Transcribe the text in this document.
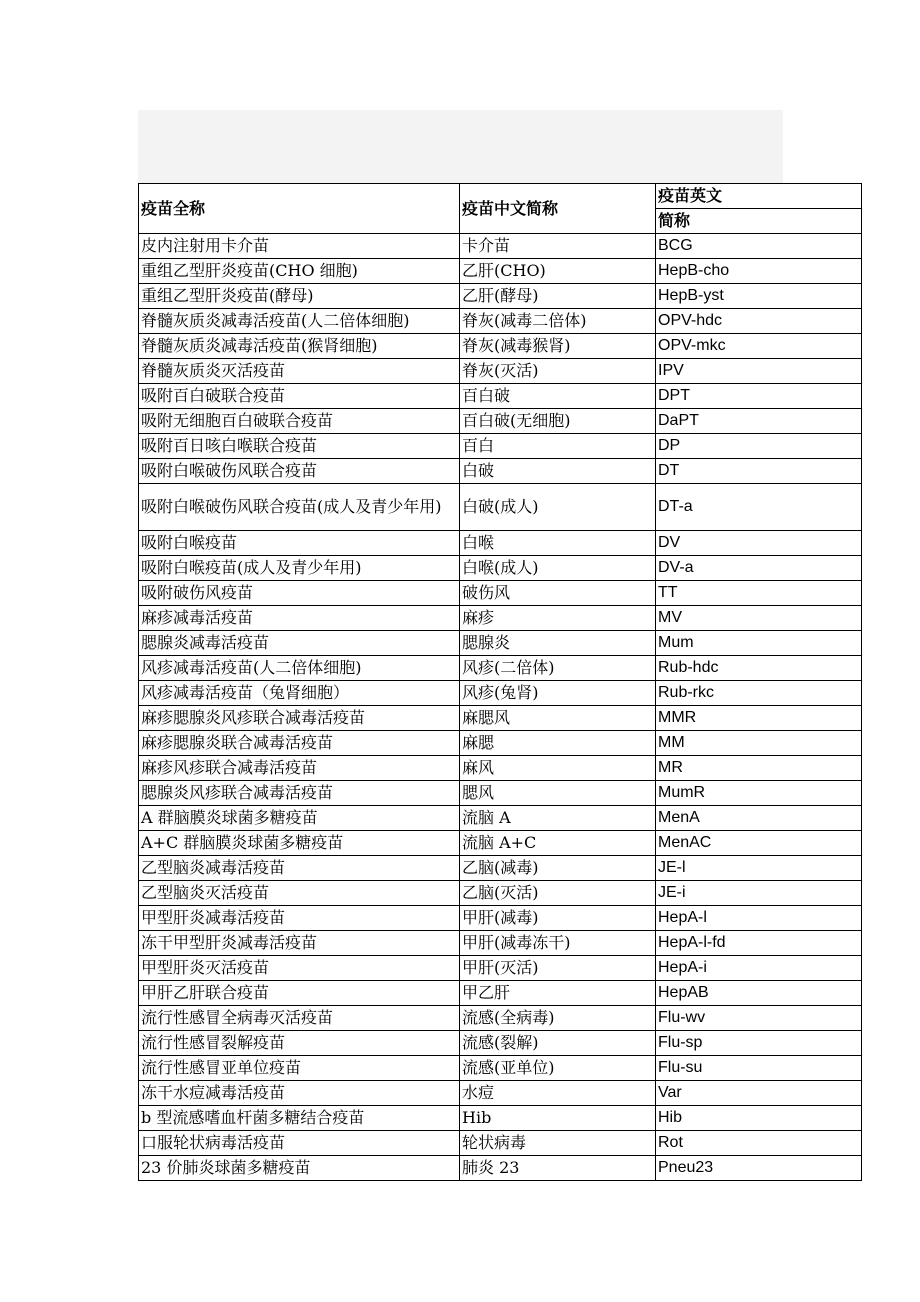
疫苗全称	疫苗中文简称	疫苗英文
简称

皮内注射用卡介苗	卡介苗	BCG
重组乙型肝炎疫苗(CHO 细胞)	乙肝(CHO)	HepB-cho
重组乙型肝炎疫苗(酵母)	乙肝(酵母)	HepB-yst
脊髓灰质炎减毒活疫苗(人二倍体细胞)	脊灰(减毒二倍体)	OPV-hdc
脊髓灰质炎减毒活疫苗(猴肾细胞)	脊灰(减毒猴肾)	OPV-mkc
脊髓灰质炎灭活疫苗	脊灰(灭活)	IPV
吸附百白破联合疫苗	百白破	DPT
吸附无细胞百白破联合疫苗	百白破(无细胞)	DaPT
吸附百日咳白喉联合疫苗	百白	DP
吸附白喉破伤风联合疫苗	白破	DT
吸附白喉破伤风联合疫苗(成人及青少年用)	白破(成人)	DT-a
吸附白喉疫苗	白喉	DV
吸附白喉疫苗(成人及青少年用)	白喉(成人)	DV-a
吸附破伤风疫苗	破伤风	TT
麻疹减毒活疫苗	麻疹	MV
腮腺炎减毒活疫苗	腮腺炎	Mum
风疹减毒活疫苗(人二倍体细胞)	风疹(二倍体)	Rub-hdc
风疹减毒活疫苗（兔肾细胞）	风疹(兔肾)	Rub-rkc
麻疹腮腺炎风疹联合减毒活疫苗	麻腮风	MMR
麻疹腮腺炎联合减毒活疫苗	麻腮	MM
麻疹风疹联合减毒活疫苗	麻风	MR
腮腺炎风疹联合减毒活疫苗	腮风	MumR
A 群脑膜炎球菌多糖疫苗	流脑 A	MenA
A+C 群脑膜炎球菌多糖疫苗	流脑 A+C	MenAC
乙型脑炎减毒活疫苗	乙脑(减毒)	JE-l
乙型脑炎灭活疫苗	乙脑(灭活)	JE-i
甲型肝炎减毒活疫苗	甲肝(减毒)	HepA-l
冻干甲型肝炎减毒活疫苗	甲肝(减毒冻干)	HepA-l-fd
甲型肝炎灭活疫苗	甲肝(灭活)	HepA-i
甲肝乙肝联合疫苗	甲乙肝	HepAB
流行性感冒全病毒灭活疫苗	流感(全病毒)	Flu-wv
流行性感冒裂解疫苗	流感(裂解)	Flu-sp
流行性感冒亚单位疫苗	流感(亚单位)	Flu-su
冻干水痘减毒活疫苗	水痘	Var
b 型流感嗜血杆菌多糖结合疫苗	Hib	Hib
口服轮状病毒活疫苗	轮状病毒	Rot
23 价肺炎球菌多糖疫苗	肺炎 23	Pneu23
